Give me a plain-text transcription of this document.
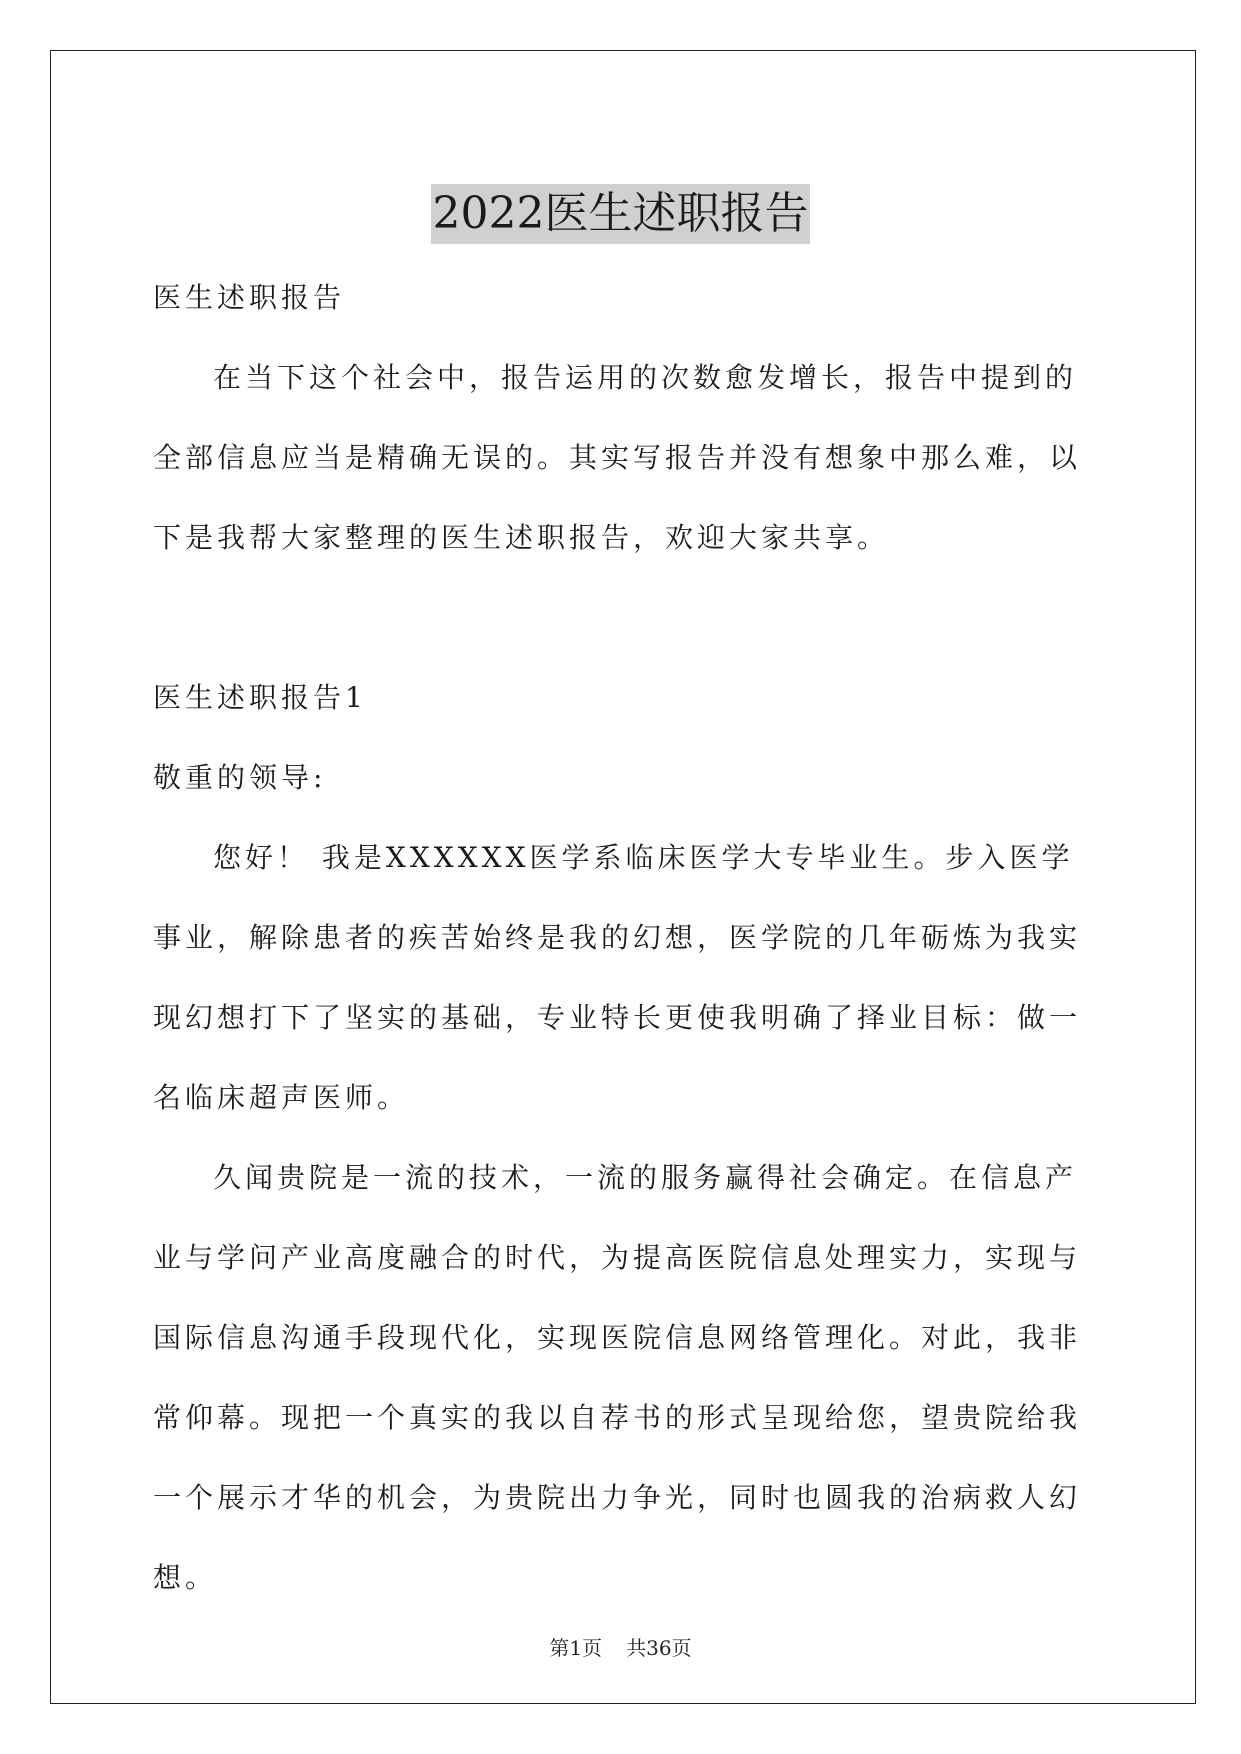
2022医生述职报告

医生述职报告

在当下这个社会中，报告运用的次数愈发增长，报告中提到的全部信息应当是精确无误的。其实写报告并没有想象中那么难，以下是我帮大家整理的医生述职报告，欢迎大家共享。

医生述职报告1

敬重的领导:

您好！ 我是XXXXXX医学系临床医学大专毕业生。步入医学事业，解除患者的疾苦始终是我的幻想，医学院的几年砺炼为我实现幻想打下了坚实的基础，专业特长更使我明确了择业目标：做一名临床超声医师。

久闻贵院是一流的技术，一流的服务赢得社会确定。在信息产业与学问产业高度融合的时代，为提高医院信息处理实力，实现与国际信息沟通手段现代化，实现医院信息网络管理化。对此，我非常仰幕。现把一个真实的我以自荐书的形式呈现给您，望贵院给我一个展示才华的机会，为贵院出力争光，同时也圆我的治病救人幻想。

第1页 共36页
